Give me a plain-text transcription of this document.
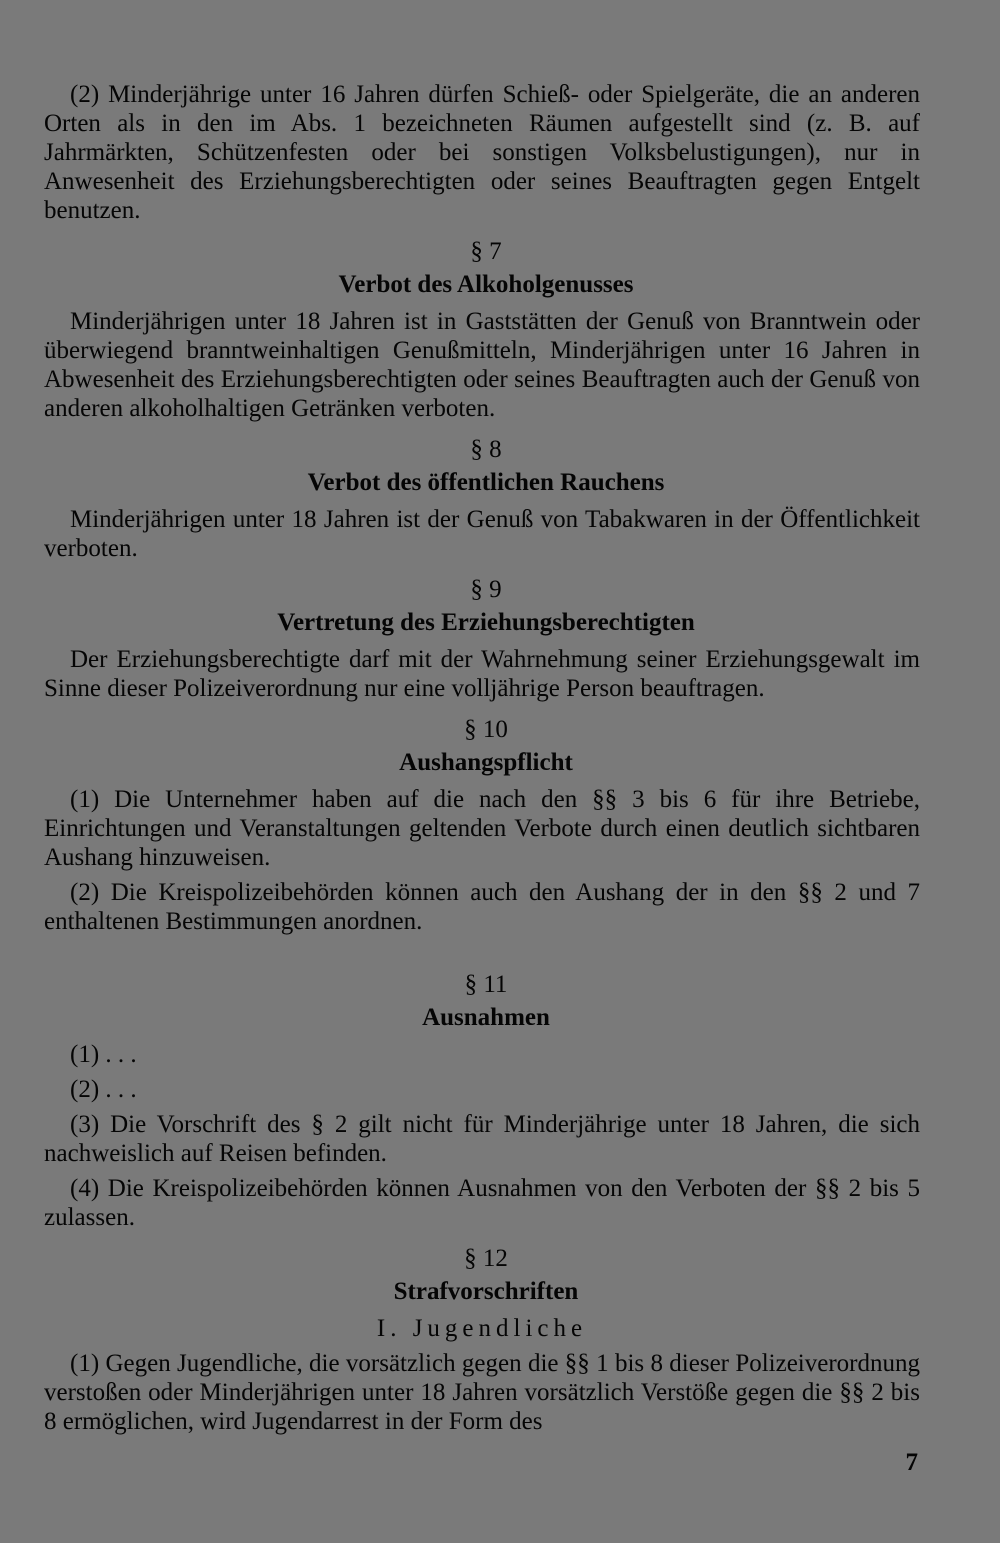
(2) Minderjährige unter 16 Jahren dürfen Schieß- oder Spielgeräte, die an anderen Orten als in den im Abs. 1 bezeichneten Räumen aufgestellt sind (z. B. auf Jahrmärkten, Schützenfesten oder bei sonstigen Volksbelustigungen), nur in Anwesenheit des Erziehungsberechtigten oder seines Beauftragten gegen Entgelt benutzen.

§ 7
Verbot des Alkoholgenusses

Minderjährigen unter 18 Jahren ist in Gaststätten der Genuß von Branntwein oder überwiegend branntweinhaltigen Genußmitteln, Minderjährigen unter 16 Jahren in Abwesenheit des Erziehungsberechtigten oder seines Beauftragten auch der Genuß von anderen alkoholhaltigen Getränken verboten.

§ 8
Verbot des öffentlichen Rauchens

Minderjährigen unter 18 Jahren ist der Genuß von Tabakwaren in der Öffentlichkeit verboten.

§ 9
Vertretung des Erziehungsberechtigten

Der Erziehungsberechtigte darf mit der Wahrnehmung seiner Erziehungsgewalt im Sinne dieser Polizeiverordnung nur eine volljährige Person beauftragen.

§ 10
Aushangspflicht

(1) Die Unternehmer haben auf die nach den §§ 3 bis 6 für ihre Betriebe, Einrichtungen und Veranstaltungen geltenden Verbote durch einen deutlich sichtbaren Aushang hinzuweisen.

(2) Die Kreispolizeibehörden können auch den Aushang der in den §§ 2 und 7 enthaltenen Bestimmungen anordnen.

§ 11
Ausnahmen

(1) . . .

(2) . . .

(3) Die Vorschrift des § 2 gilt nicht für Minderjährige unter 18 Jahren, die sich nachweislich auf Reisen befinden.

(4) Die Kreispolizeibehörden können Ausnahmen von den Verboten der §§ 2 bis 5 zulassen.

§ 12
Strafvorschriften
I. Jugendliche

(1) Gegen Jugendliche, die vorsätzlich gegen die §§ 1 bis 8 dieser Polizeiverordnung verstoßen oder Minderjährigen unter 18 Jahren vorsätzlich Verstöße gegen die §§ 2 bis 8 ermöglichen, wird Jugendarrest in der Form des

7
